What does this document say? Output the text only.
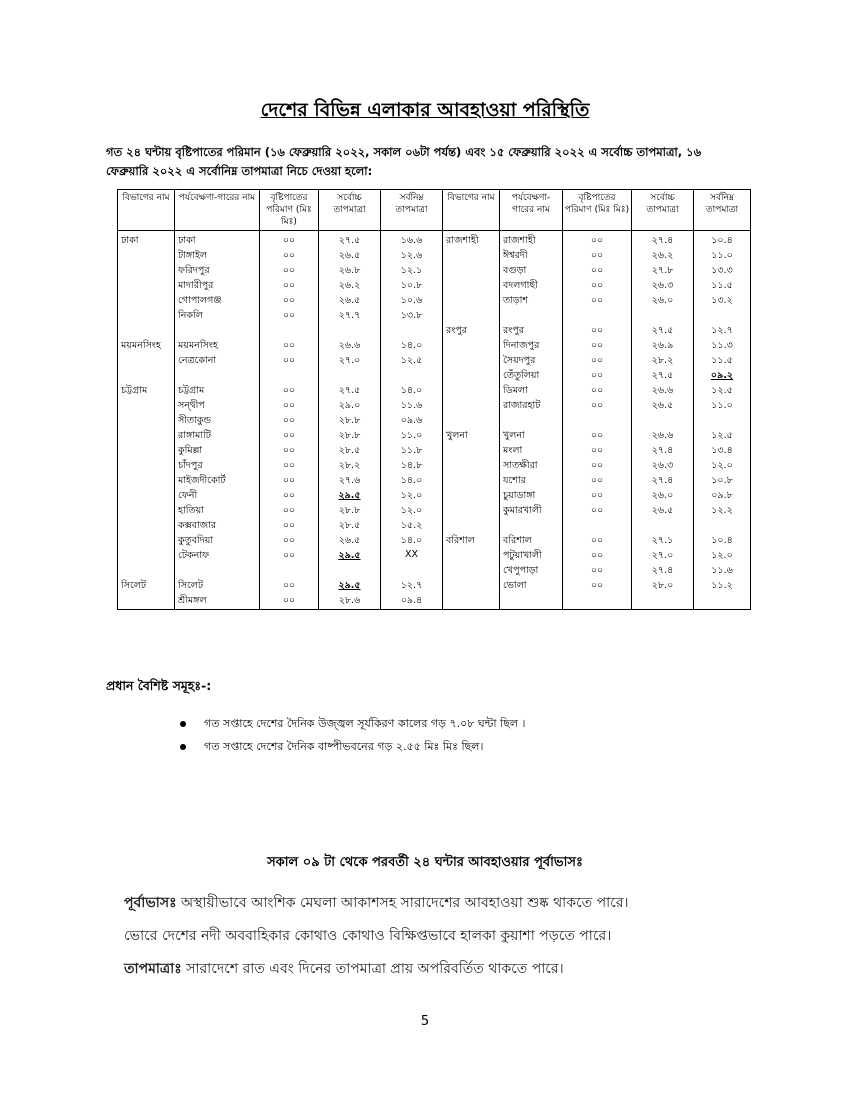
দেশের বিভিন্ন এলাকার আবহাওয়া পরিস্থিতি
গত ২৪ ঘন্টায় বৃষ্টিপাতের পরিমান (১৬ ফেব্রুয়ারি ২০২২, সকাল ০৬টা পর্যন্ত) এবং ১৫ ফেব্রুয়ারি ২০২২ এ সর্বোচ্চ তাপমাত্রা, ১৬ ফেব্রুয়ারি ২০২২ এ সর্বোনিম্ন তাপমাত্রা নিচে দেওয়া হলো:
বিভাগের নাম	পর্যবেক্ষণা-গারের নাম	বৃষ্টিপাতের পরিমাণ (মিঃ মিঃ)	সর্বোচ্চ তাপমাত্রা	সর্বনিম্ন তাপমাত্রা	বিভাগের নাম	পর্যবেক্ষণা-গারের নাম	বৃষ্টিপাতের পরিমাণ (মিঃ মিঃ)	সর্বোচ্চ তাপমাত্রা	সর্বনিম্ন তাপমাত্রা
ঢাকা	ঢাকা	০০	২৭.৫	১৬.৬	রাজশাহী	রাজশাহী	০০	২৭.৪	১০.৪
	টাঙ্গাইল	০০	২৬.৫	১২.৬		ঈশ্বরদী	০০	২৬.২	১১.০
	ফরিদপুর	০০	২৬.৮	১২.১		বগুড়া	০০	২৭.৮	১৩.৩
	মাদারীপুর	০০	২৬.২	১০.৮		বদলগাছী	০০	২৬.৩	১১.৫
	গোপালগঞ্জ	০০	২৬.৫	১০.৬		তাড়াশ	০০	২৬.০	১৩.২
	নিকলি	০০	২৭.৭	১৩.৮					
					রংপুর	রংপুর	০০	২৭.৫	১২.৭
ময়মনসিংহ	ময়মনসিংহ	০০	২৬.৬	১৪.০		দিনাজপুর	০০	২৬.৯	১১.৩
	নেত্রকোনা	০০	২৭.০	১২.৫		সৈয়দপুর	০০	২৮.২	১১.৫
						তেঁতুলিয়া	০০	২৭.৫	০৯.২
চট্টগ্রাম	চট্টগ্রাম	০০	২৭.৫	১৪.০		ডিমলা	০০	২৬.৬	১২.৫
	সন্দ্বীপ	০০	২৯.০	১১.৬		রাজারহাট	০০	২৬.৫	১১.০
	সীতাকুন্ড	০০	২৮.৮	০৯.৬					
	রাঙ্গামাটি	০০	২৮.৮	১১.০	খুলনা	খুলনা	০০	২৬.৬	১২.৫
	কুমিল্লা	০০	২৮.৫	১১.৮		মংলা	০০	২৭.৪	১৩.৪
	চাঁদপুর	০০	২৮.২	১৪.৮		সাতক্ষীরা	০০	২৬.৩	১২.০
	মাইজদীকোর্ট	০০	২৭.৬	১৪.০		যশোর	০০	২৭.৪	১০.৮
	ফেনী	০০	২৯.৫	১২.০		চুয়াডাঙ্গা	০০	২৬.০	০৯.৮
	হাতিয়া	০০	২৮.৮	১২.০		কুমারখালী	০০	২৬.৫	১২.২
	কক্সবাজার	০০	২৮.৫	১৫.২					
	কুতুবদিয়া	০০	২৬.৫	১৪.০	বরিশাল	বরিশাল	০০	২৭.১	১০.৪
	টেকনাফ	০০	২৯.৫	XX		পটুয়াখালী	০০	২৭.০	১২.০
						খেপুপাড়া	০০	২৭.৪	১১.৬
সিলেট	সিলেট	০০	২৯.৫	১২.৭		ভোলা	০০	২৮.০	১১.২
	শ্রীমঙ্গল	০০	২৮.৬	০৯.৪					
প্রধান বৈশিষ্ট সমূহঃ-:
গত সপ্তাহে দেশের দৈনিক উজ্জ্বল সূর্যকিরণ কালের গড় ৭.০৮ ঘন্টা ছিল ।
গত সপ্তাহে দেশের দৈনিক বাষ্পীভবনের গড় ২.৫৫ মিঃ মিঃ ছিল।
সকাল ০৯ টা থেকে পরবর্তী ২৪ ঘন্টার আবহাওয়ার পূর্বাভাসঃ
পূর্বাভাসঃ অস্থায়ীভাবে আংশিক মেঘলা আকাশসহ সারাদেশের আবহাওয়া শুষ্ক থাকতে পারে।
ভোরে দেশের নদী অববাহিকার কোথাও কোথাও বিক্ষিপ্তভাবে হালকা কুয়াশা পড়তে পারে।
তাপমাত্রাঃ সারাদেশে রাত এবং দিনের তাপমাত্রা প্রায় অপরিবর্তিত থাকতে পারে।
5
